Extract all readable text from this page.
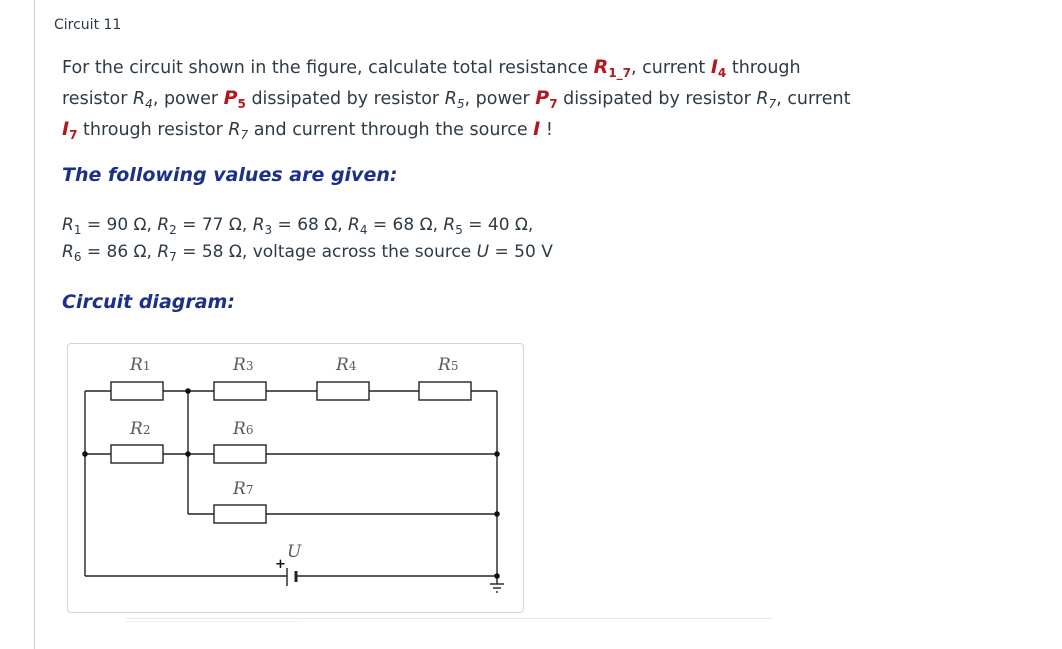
Circuit 11
For the circuit shown in the figure, calculate total resistance $R_{1\_7}$, current $I_4$ through resistor $R_4$, power $P_5$ dissipated by resistor $R_5$, power $P_7$ dissipated by resistor $R_7$, current $I_7$ through resistor $R_7$ and current through the source I !
The following values are given:
$R_1 = 90$ Ω, $R_2 = 77$ Ω, $R_3 = 68$ Ω, $R_4 = 68$ Ω, $R_5 = 40$ Ω,
$R_6 = 86$ Ω, $R_7 = 58$ Ω, voltage across the source U = 50 V
Circuit diagram:
+
R1	R3	R4	R5
R2	R6
R7
U
